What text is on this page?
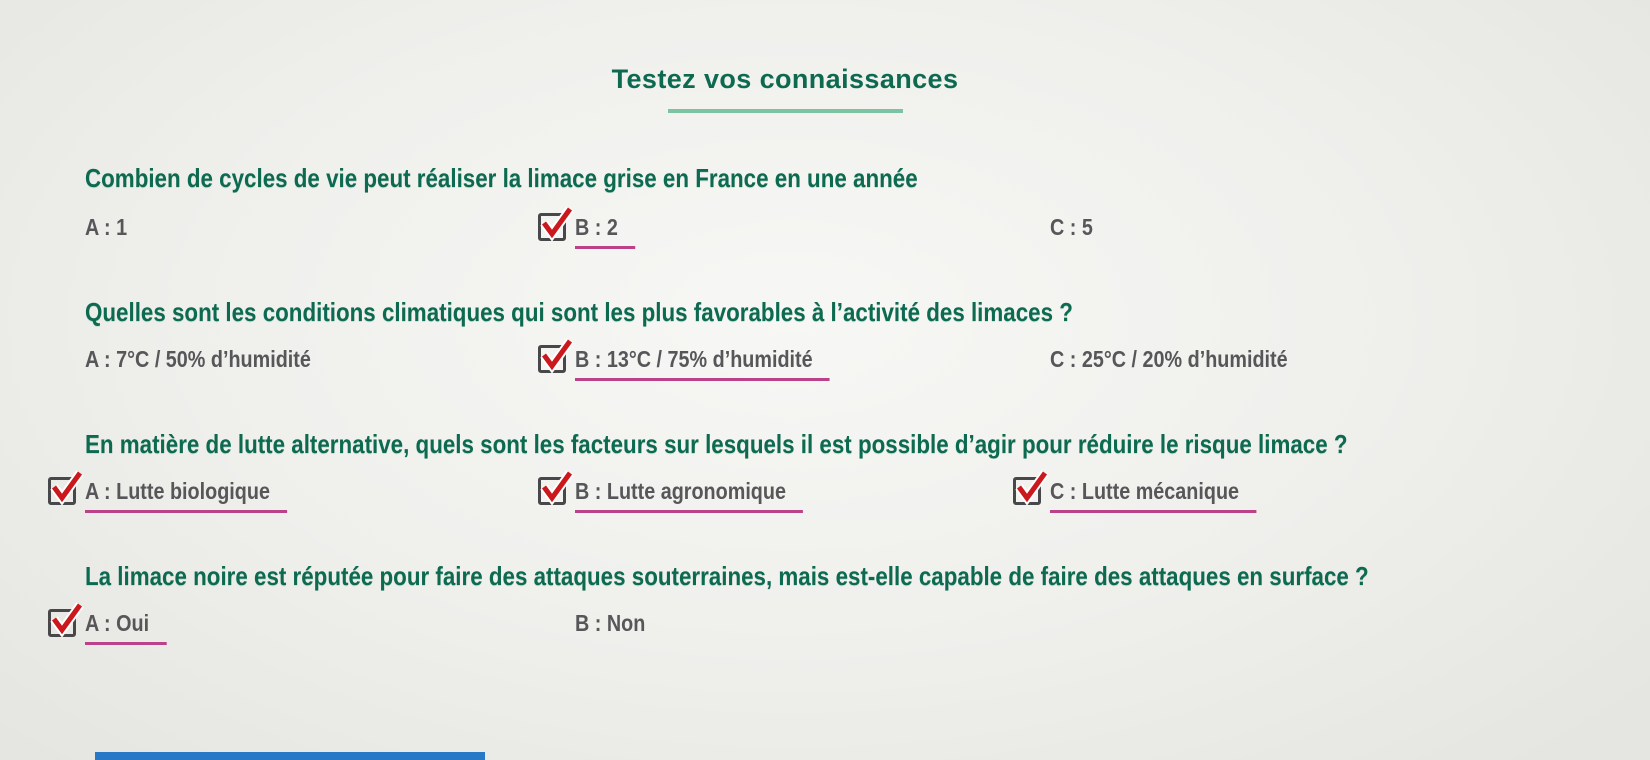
Testez vos connaissances
Combien de cycles de vie peut réaliser la limace grise en France en une année
A : 1	B : 2	C : 5
Quelles sont les conditions climatiques qui sont les plus favorables à l’activité des limaces ?
A : 7°C / 50% d’humidité	B : 13°C / 75% d’humidité	C : 25°C / 20% d’humidité
En matière de lutte alternative, quels sont les facteurs sur lesquels il est possible d’agir pour réduire le risque limace ?
A : Lutte biologique	B : Lutte agronomique	C : Lutte mécanique
La limace noire est réputée pour faire des attaques souterraines, mais est-elle capable de faire des attaques en surface ?
A : Oui	B : Non
